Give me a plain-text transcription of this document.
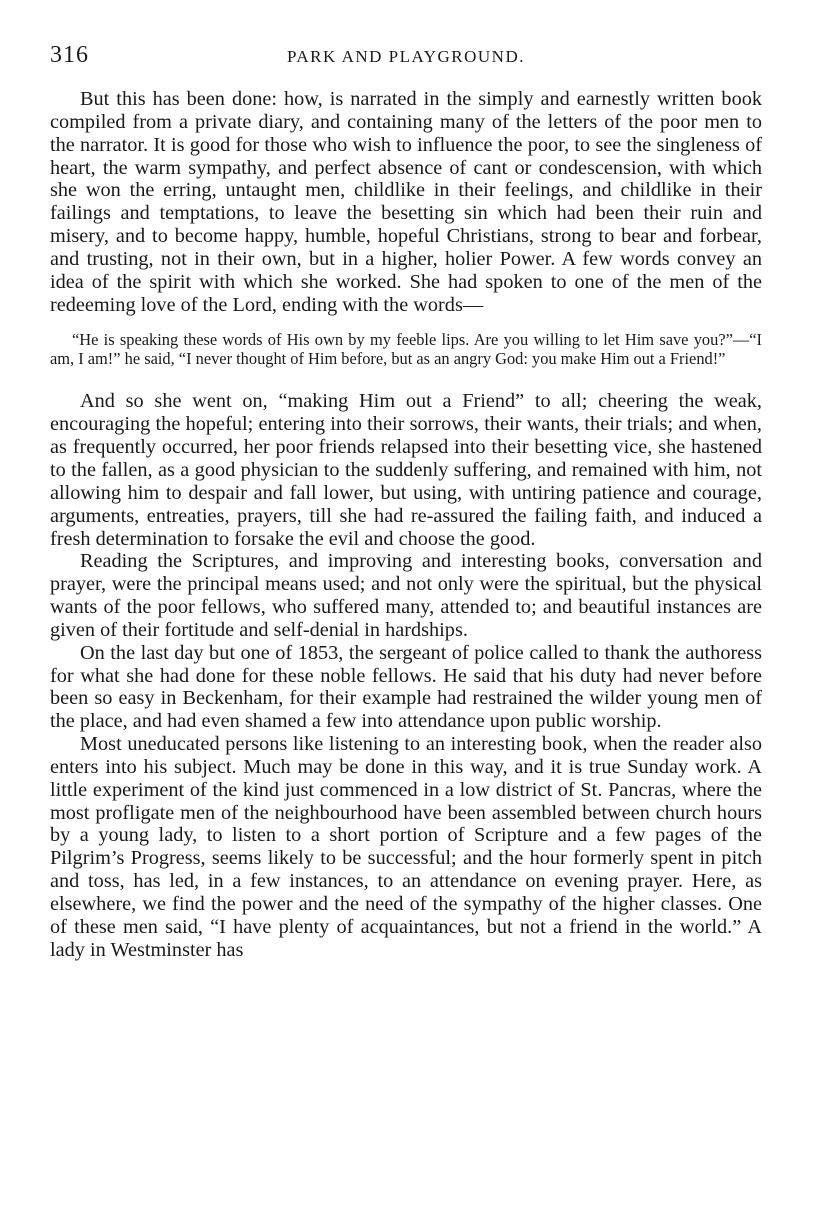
316	PARK AND PLAYGROUND.

But this has been done: how, is narrated in the simply and earnestly written book compiled from a private diary, and containing many of the letters of the poor men to the narrator. It is good for those who wish to influence the poor, to see the singleness of heart, the warm sympathy, and perfect absence of cant or condescension, with which she won the erring, untaught men, childlike in their feelings, and childlike in their failings and temptations, to leave the besetting sin which had been their ruin and misery, and to become happy, humble, hopeful Christians, strong to bear and forbear, and trusting, not in their own, but in a higher, holier Power. A few words convey an idea of the spirit with which she worked. She had spoken to one of the men of the redeeming love of the Lord, ending with the words—

“He is speaking these words of His own by my feeble lips. Are you willing to let Him save you?”—“I am, I am!” he said, “I never thought of Him before, but as an angry God: you make Him out a Friend!”

And so she went on, “making Him out a Friend” to all; cheering the weak, encouraging the hopeful; entering into their sorrows, their wants, their trials; and when, as frequently occurred, her poor friends relapsed into their besetting vice, she hastened to the fallen, as a good physician to the suddenly suffering, and remained with him, not allowing him to despair and fall lower, but using, with untiring patience and courage, arguments, entreaties, prayers, till she had re-assured the failing faith, and induced a fresh determination to forsake the evil and choose the good.

Reading the Scriptures, and improving and interesting books, conversation and prayer, were the principal means used; and not only were the spiritual, but the physical wants of the poor fellows, who suffered many, attended to; and beautiful instances are given of their fortitude and self-denial in hardships.

On the last day but one of 1853, the sergeant of police called to thank the authoress for what she had done for these noble fellows. He said that his duty had never before been so easy in Beckenham, for their example had restrained the wilder young men of the place, and had even shamed a few into attendance upon public worship.

Most uneducated persons like listening to an interesting book, when the reader also enters into his subject. Much may be done in this way, and it is true Sunday work. A little experiment of the kind just commenced in a low district of St. Pancras, where the most profligate men of the neighbourhood have been assembled between church hours by a young lady, to listen to a short portion of Scripture and a few pages of the Pilgrim’s Progress, seems likely to be successful; and the hour formerly spent in pitch and toss, has led, in a few instances, to an attendance on evening prayer. Here, as elsewhere, we find the power and the need of the sympathy of the higher classes. One of these men said, “I have plenty of acquaintances, but not a friend in the world.” A lady in Westminster has
